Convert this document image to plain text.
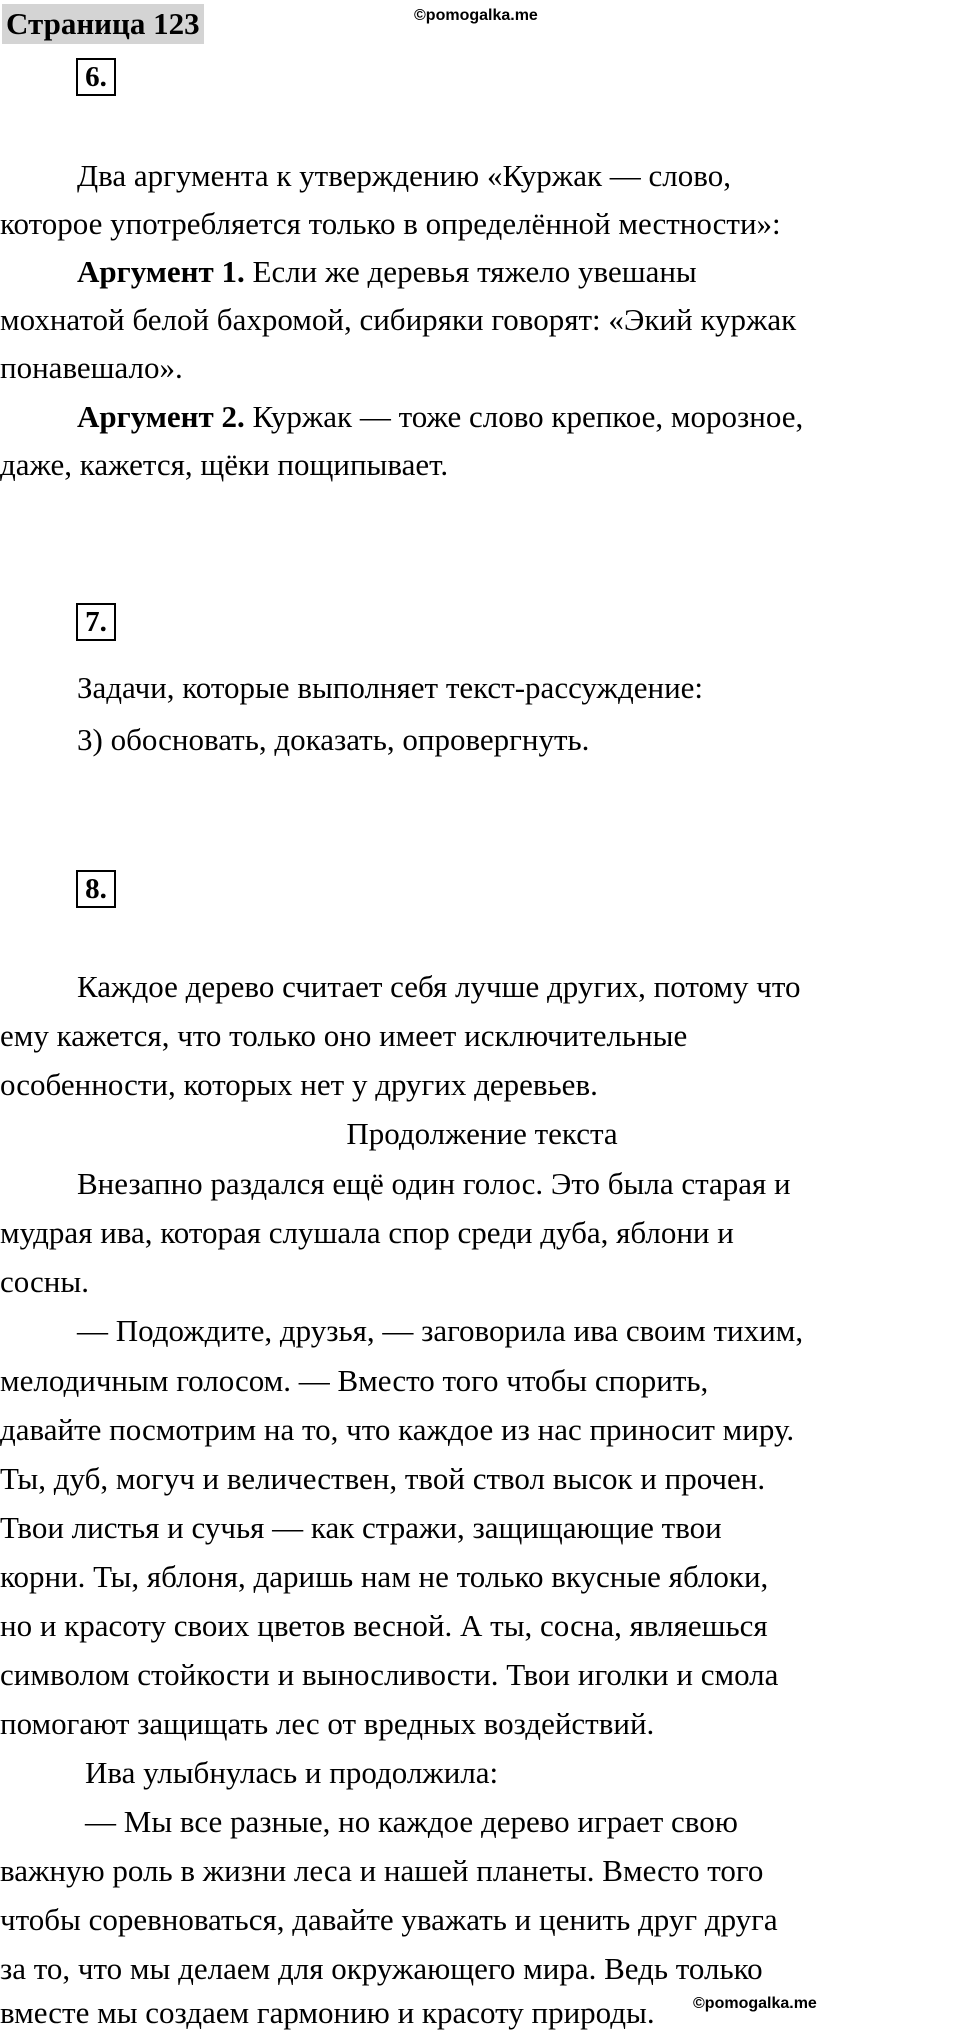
Страница 123	©pomogalka.me
6.
Два аргумента к утверждению «Куржак — слово,
которое употребляется только в определённой местности»:
Аргумент 1. Если же деревья тяжело увешаны
мохнатой белой бахромой, сибиряки говорят: «Экий куржак
понавешало».
Аргумент 2. Куржак — тоже слово крепкое, морозное,
даже, кажется, щёки пощипывает.
7.
Задачи, которые выполняет текст-рассуждение:
3) обосновать, доказать, опровергнуть.
8.
Каждое дерево считает себя лучше других, потому что
ему кажется, что только оно имеет исключительные
особенности, которых нет у других деревьев.
Продолжение текста
Внезапно раздался ещё один голос. Это была старая и
мудрая ива, которая слушала спор среди дуба, яблони и
сосны.
— Подождите, друзья, — заговорила ива своим тихим,
мелодичным голосом. — Вместо того чтобы спорить,
давайте посмотрим на то, что каждое из нас приносит миру.
Ты, дуб, могуч и величествен, твой ствол высок и прочен.
Твои листья и сучья — как стражи, защищающие твои
корни. Ты, яблоня, даришь нам не только вкусные яблоки,
но и красоту своих цветов весной. А ты, сосна, являешься
символом стойкости и выносливости. Твои иголки и смола
помогают защищать лес от вредных воздействий.
Ива улыбнулась и продолжила:
— Мы все разные, но каждое дерево играет свою
важную роль в жизни леса и нашей планеты. Вместо того
чтобы соревноваться, давайте уважать и ценить друг друга
за то, что мы делаем для окружающего мира. Ведь только
вместе мы создаем гармонию и красоту природы. ©pomogalka.me
